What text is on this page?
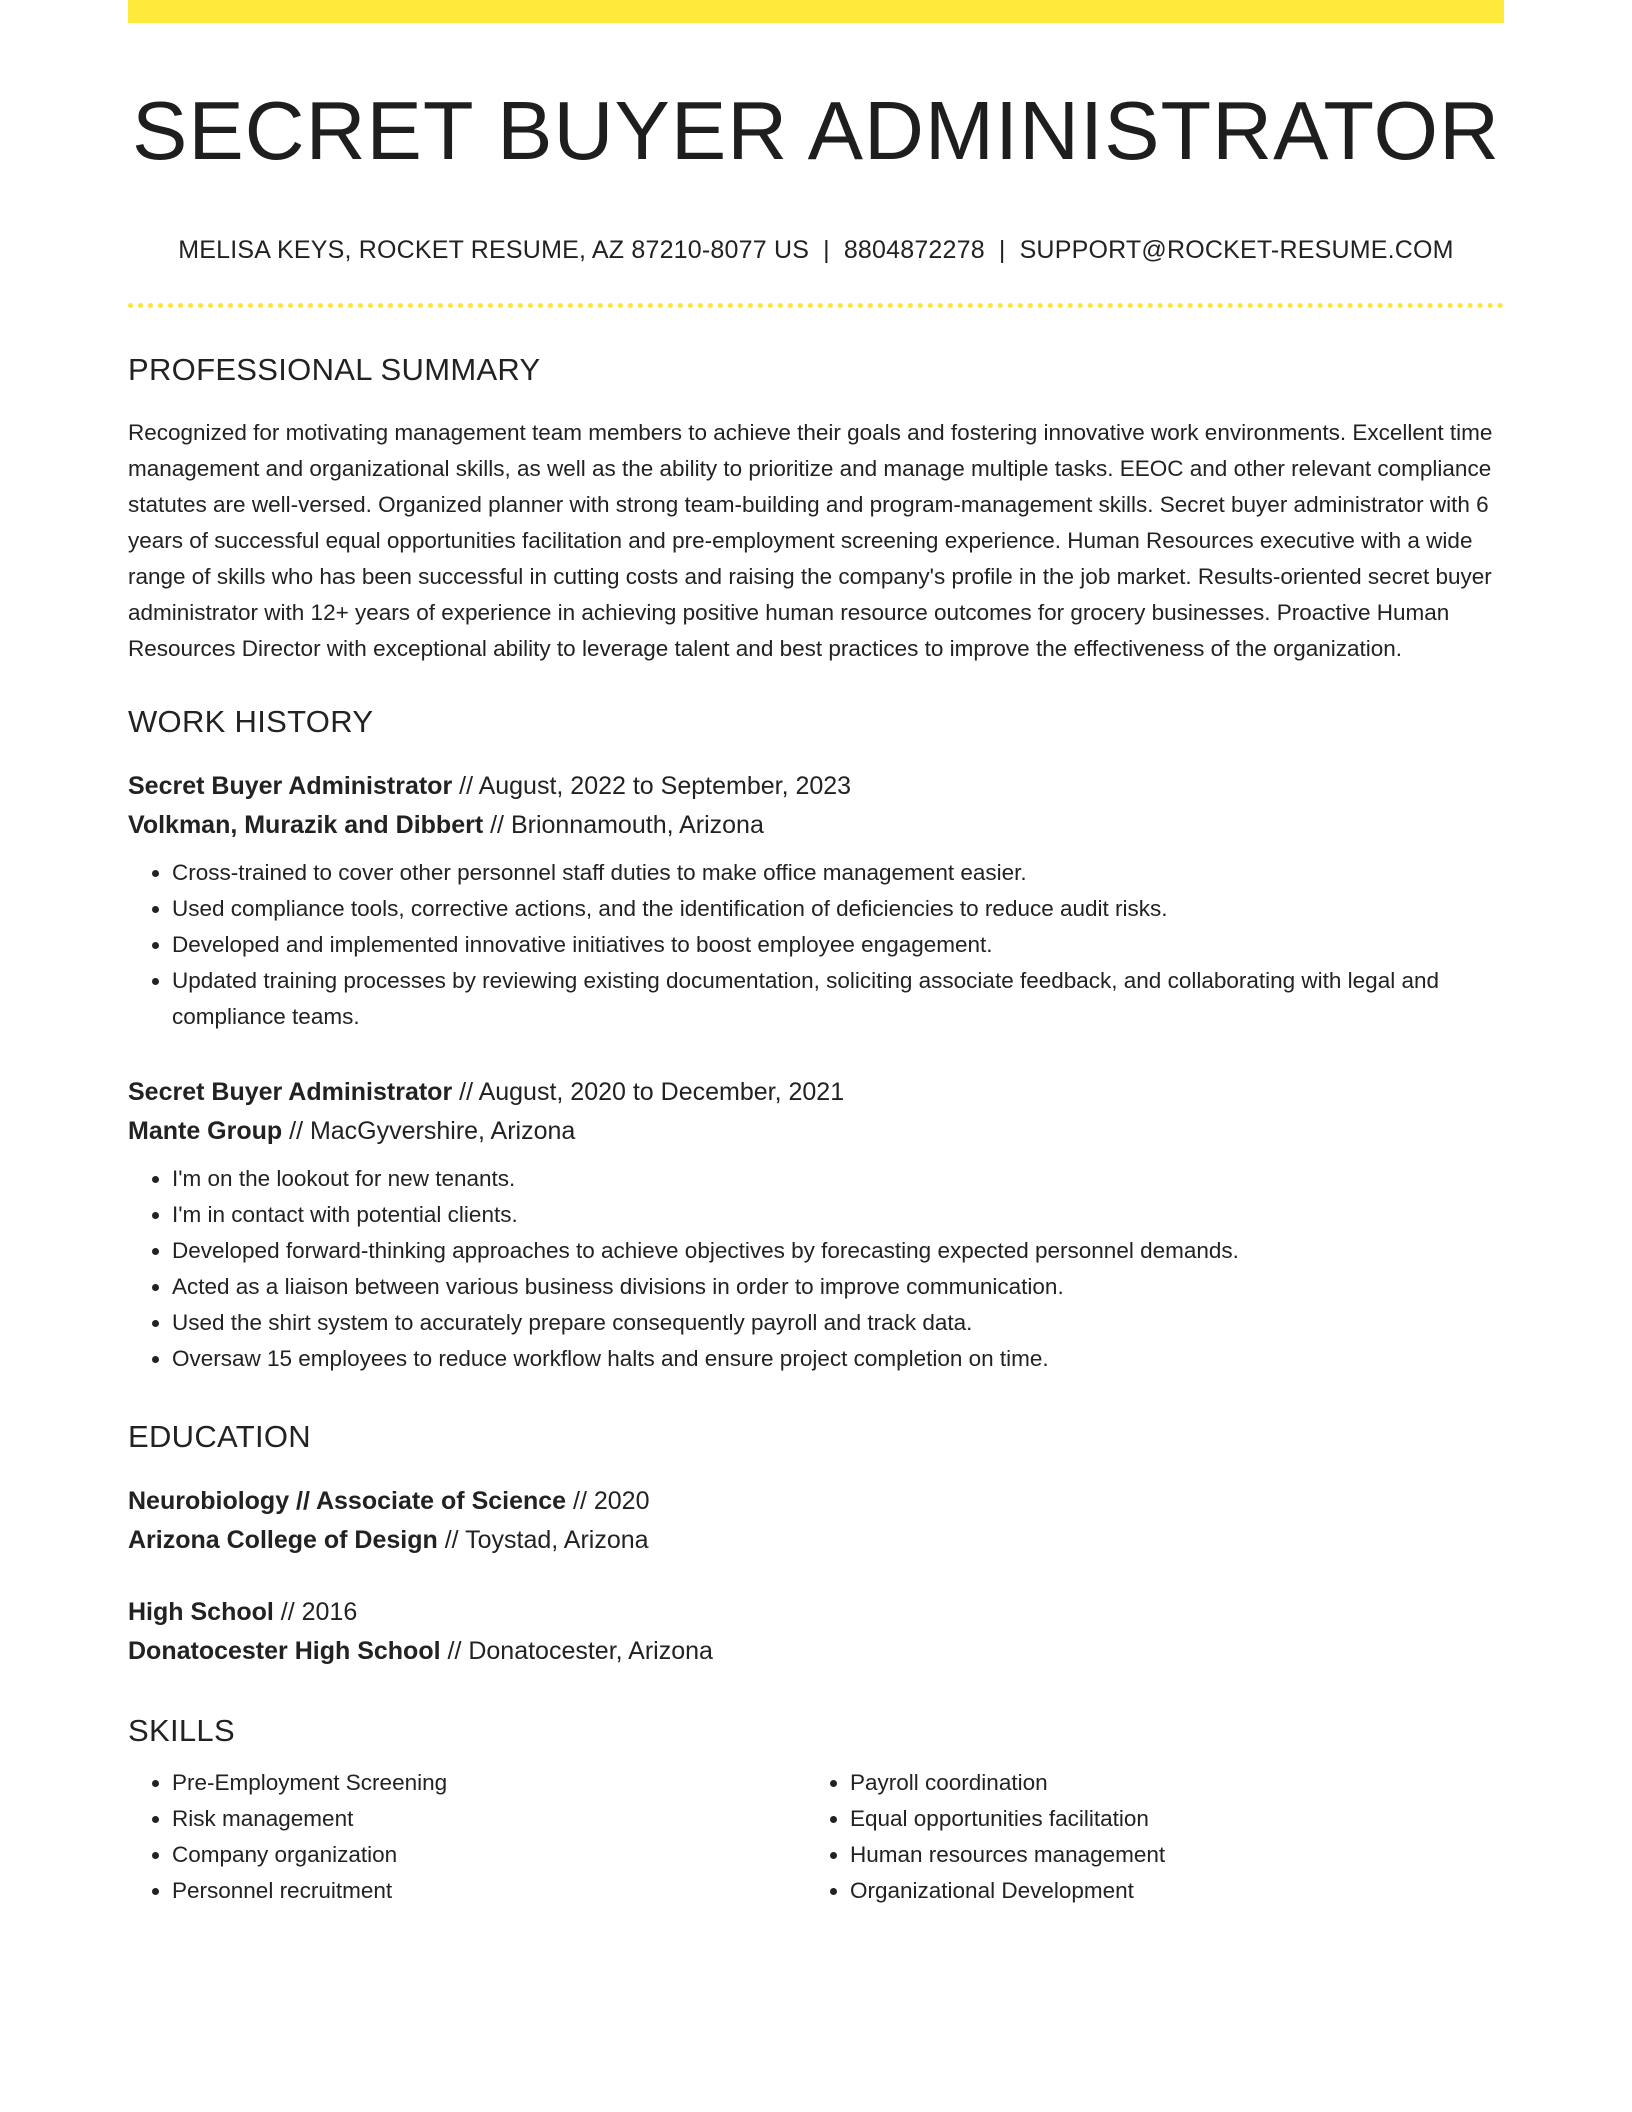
SECRET BUYER ADMINISTRATOR
MELISA KEYS, ROCKET RESUME, AZ 87210-8077 US | 8804872278 | SUPPORT@ROCKET-RESUME.COM
PROFESSIONAL SUMMARY
Recognized for motivating management team members to achieve their goals and fostering innovative work environments. Excellent time management and organizational skills, as well as the ability to prioritize and manage multiple tasks. EEOC and other relevant compliance statutes are well-versed. Organized planner with strong team-building and program-management skills. Secret buyer administrator with 6 years of successful equal opportunities facilitation and pre-employment screening experience. Human Resources executive with a wide range of skills who has been successful in cutting costs and raising the company's profile in the job market. Results-oriented secret buyer administrator with 12+ years of experience in achieving positive human resource outcomes for grocery businesses. Proactive Human Resources Director with exceptional ability to leverage talent and best practices to improve the effectiveness of the organization.
WORK HISTORY
Secret Buyer Administrator // August, 2022 to September, 2023
Volkman, Murazik and Dibbert // Brionnamouth, Arizona
• Cross-trained to cover other personnel staff duties to make office management easier.
• Used compliance tools, corrective actions, and the identification of deficiencies to reduce audit risks.
• Developed and implemented innovative initiatives to boost employee engagement.
• Updated training processes by reviewing existing documentation, soliciting associate feedback, and collaborating with legal and compliance teams.
Secret Buyer Administrator // August, 2020 to December, 2021
Mante Group // MacGyvershire, Arizona
• I'm on the lookout for new tenants.
• I'm in contact with potential clients.
• Developed forward-thinking approaches to achieve objectives by forecasting expected personnel demands.
• Acted as a liaison between various business divisions in order to improve communication.
• Used the shirt system to accurately prepare consequently payroll and track data.
• Oversaw 15 employees to reduce workflow halts and ensure project completion on time.
EDUCATION
Neurobiology // Associate of Science // 2020
Arizona College of Design // Toystad, Arizona
High School // 2016
Donatocester High School // Donatocester, Arizona
SKILLS
• Pre-Employment Screening
• Risk management
• Company organization
• Personnel recruitment
• Payroll coordination
• Equal opportunities facilitation
• Human resources management
• Organizational Development
